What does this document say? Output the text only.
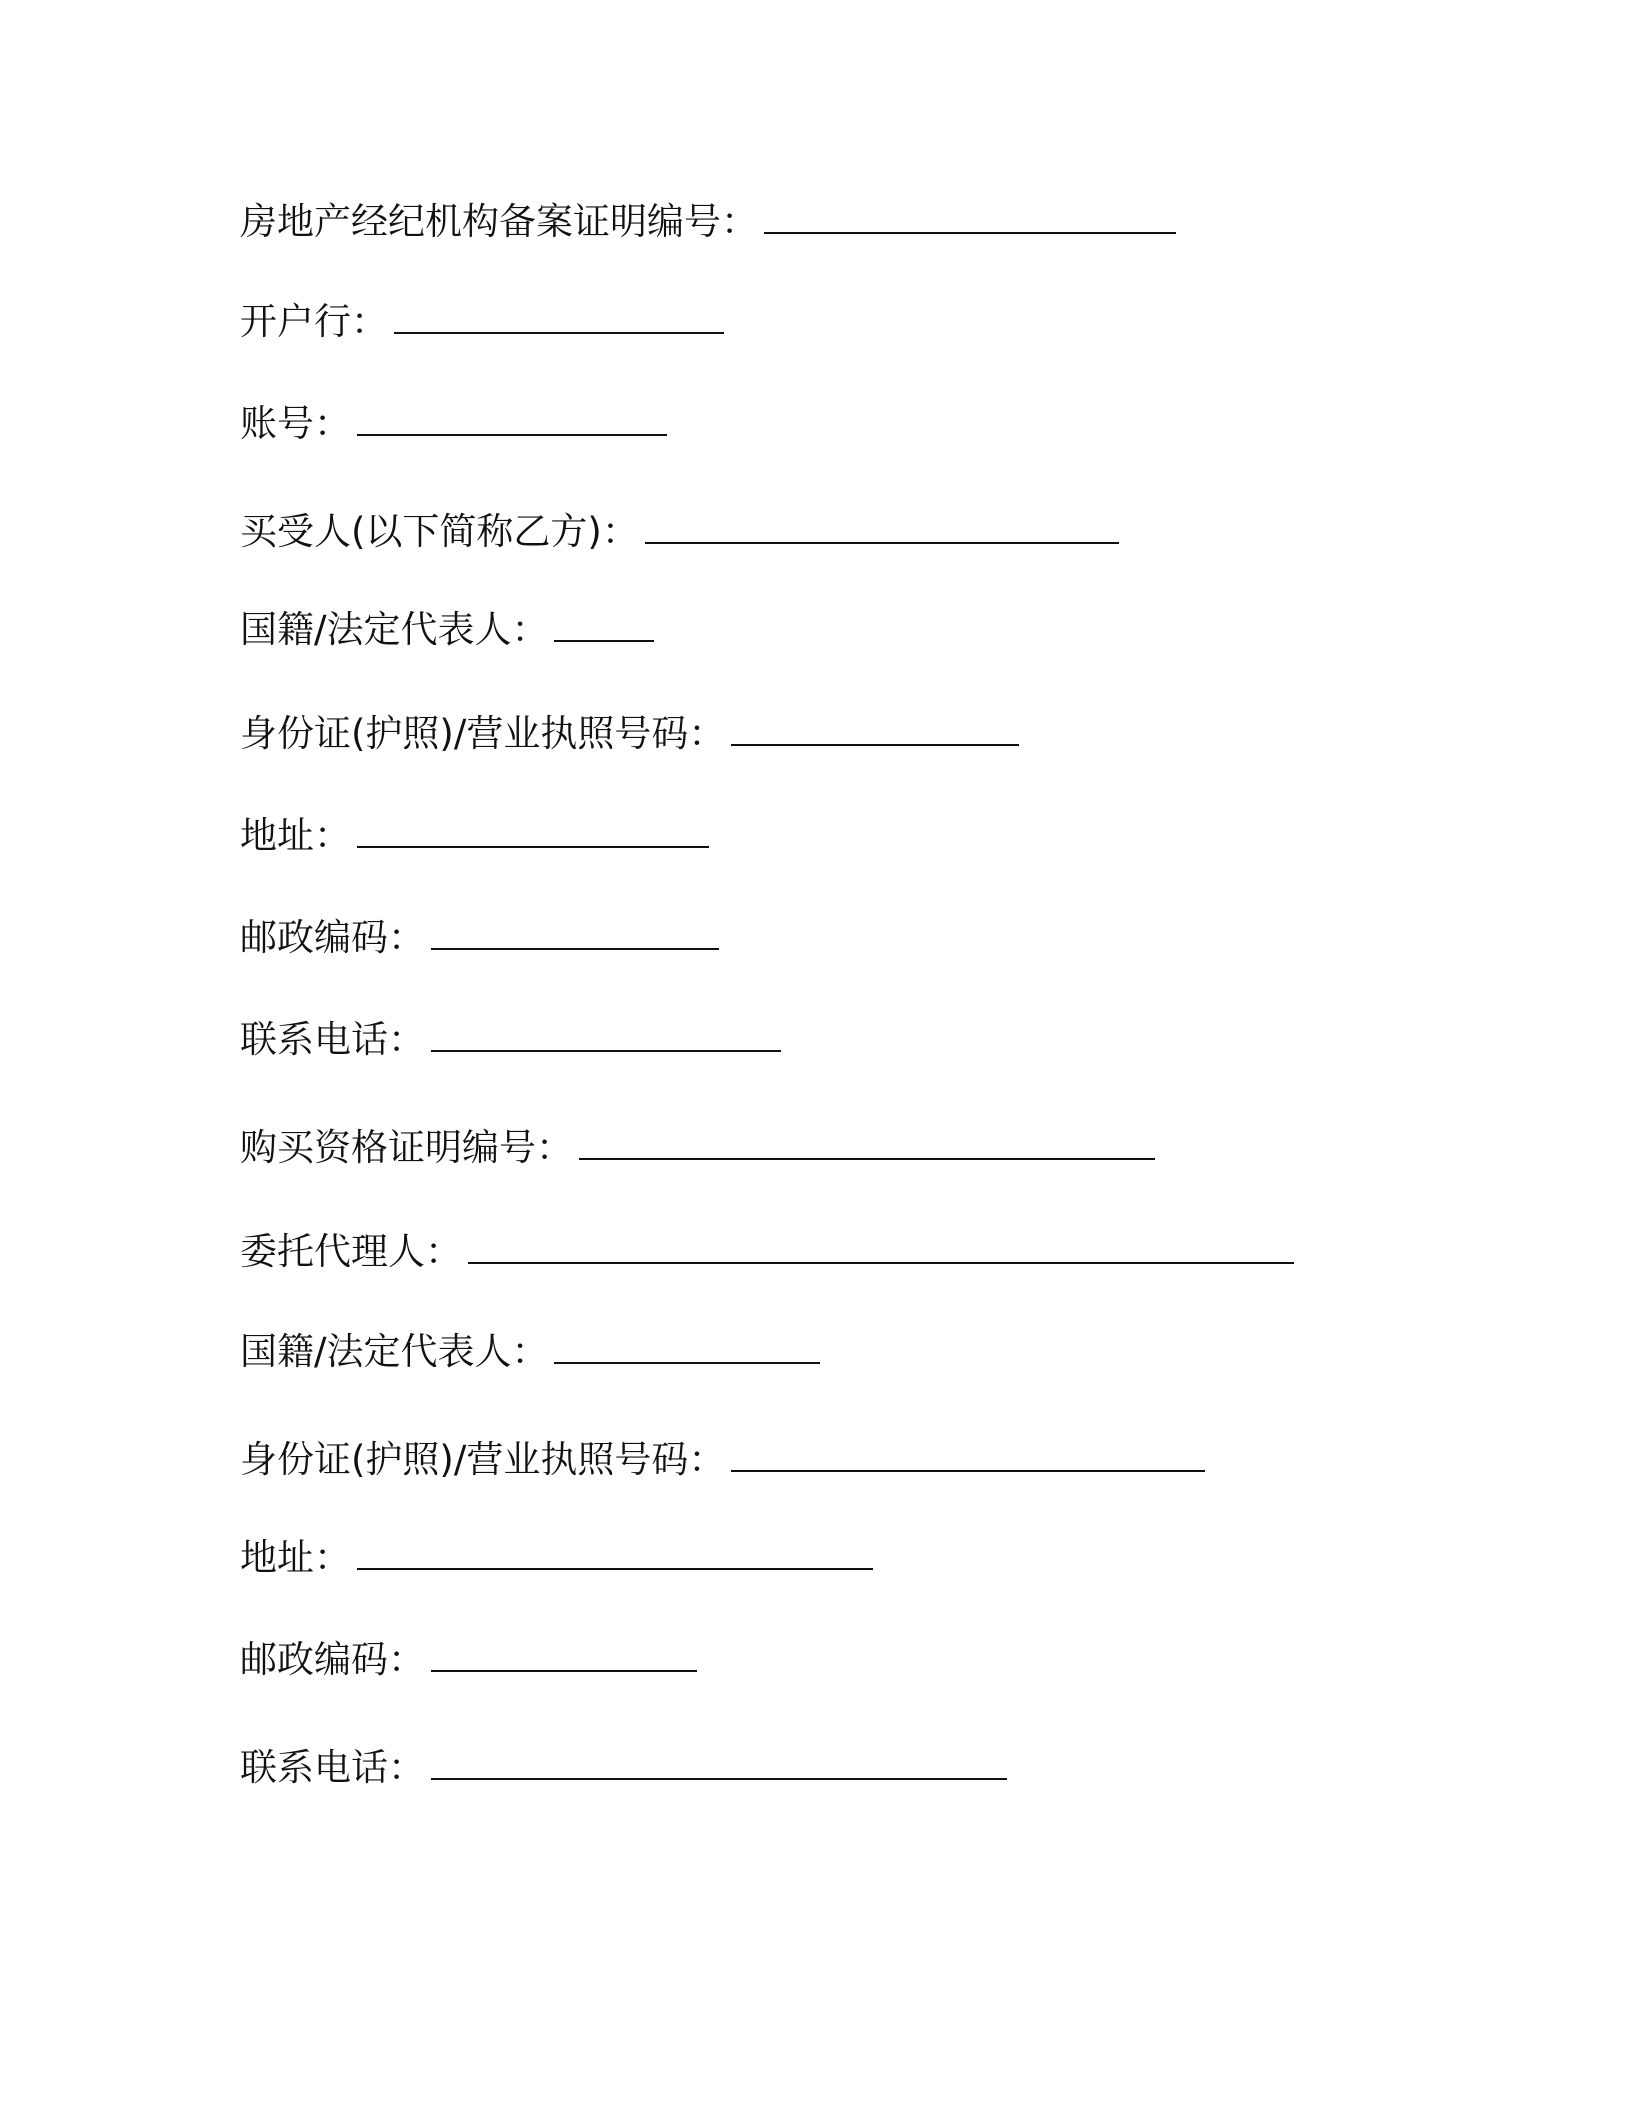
房地产经纪机构备案证明编号：
开户行：
账号：
买受人(以下简称乙方)：
国籍/法定代表人：
身份证(护照)/营业执照号码：
地址：
邮政编码：
联系电话：
购买资格证明编号：
委托代理人：
国籍/法定代表人：
身份证(护照)/营业执照号码：
地址：
邮政编码：
联系电话：
